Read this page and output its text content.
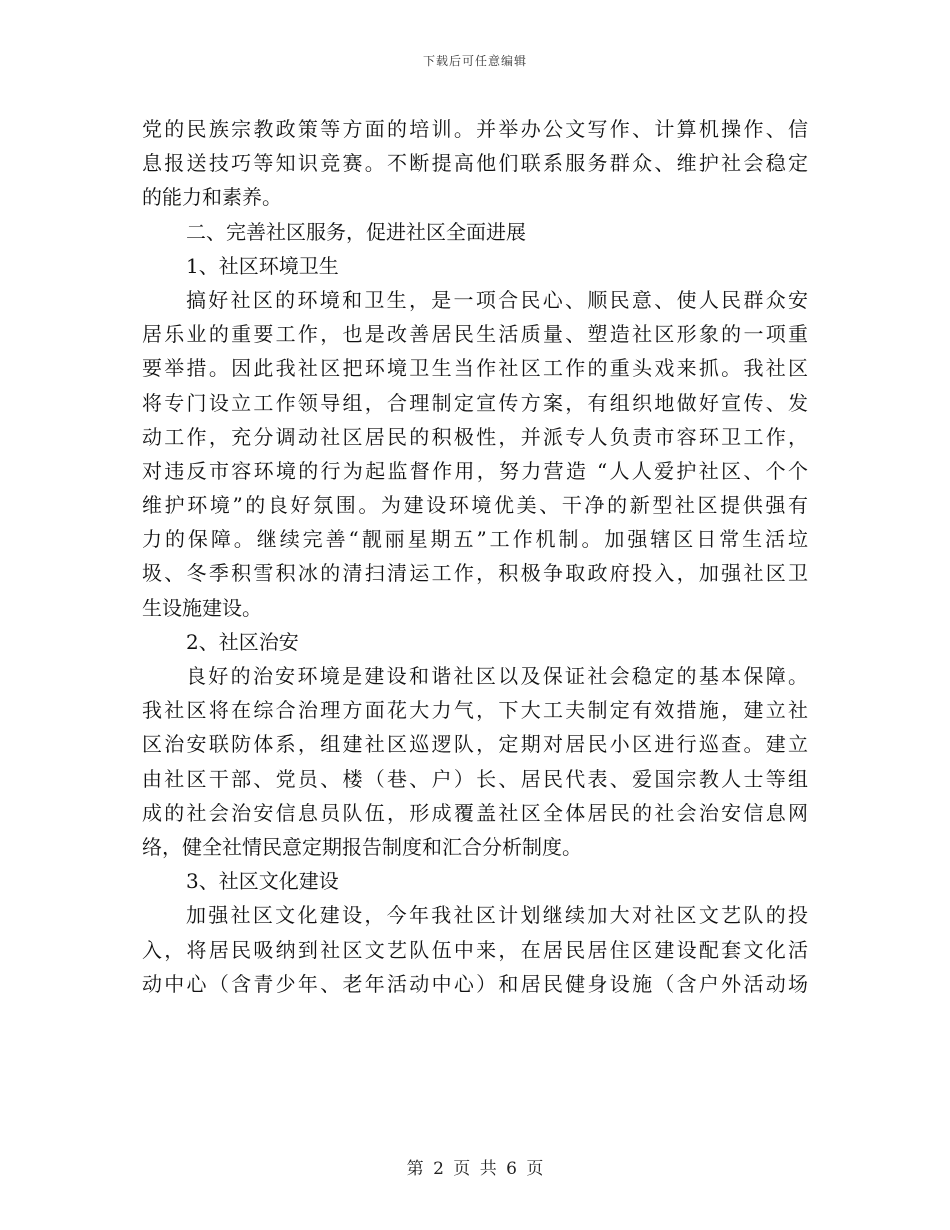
下载后可任意编辑
党的民族宗教政策等方面的培训。并举办公文写作、计算机操作、信
息报送技巧等知识竞赛。不断提高他们联系服务群众、维护社会稳定
的能力和素养。
二、完善社区服务，促进社区全面进展
1、社区环境卫生
搞好社区的环境和卫生，是一项合民心、顺民意、使人民群众安
居乐业的重要工作，也是改善居民生活质量、塑造社区形象的一项重
要举措。因此我社区把环境卫生当作社区工作的重头戏来抓。我社区
将专门设立工作领导组，合理制定宣传方案，有组织地做好宣传、发
动工作，充分调动社区居民的积极性，并派专人负责市容环卫工作，
对违反市容环境的行为起监督作用，努力营造 “人人爱护社区、个个
维护环境”的良好氛围。为建设环境优美、干净的新型社区提供强有
力的保障。继续完善“靓丽星期五”工作机制。加强辖区日常生活垃
圾、冬季积雪积冰的清扫清运工作，积极争取政府投入，加强社区卫
生设施建设。
2、社区治安
良好的治安环境是建设和谐社区以及保证社会稳定的基本保障。
我社区将在综合治理方面花大力气，下大工夫制定有效措施，建立社
区治安联防体系，组建社区巡逻队，定期对居民小区进行巡查。建立
由社区干部、党员、楼（巷、户）长、居民代表、爱国宗教人士等组
成的社会治安信息员队伍，形成覆盖社区全体居民的社会治安信息网
络，健全社情民意定期报告制度和汇合分析制度。
3、社区文化建设
加强社区文化建设，今年我社区计划继续加大对社区文艺队的投
入，将居民吸纳到社区文艺队伍中来，在居民居住区建设配套文化活
动中心（含青少年、老年活动中心）和居民健身设施（含户外活动场
第 2 页 共 6 页
